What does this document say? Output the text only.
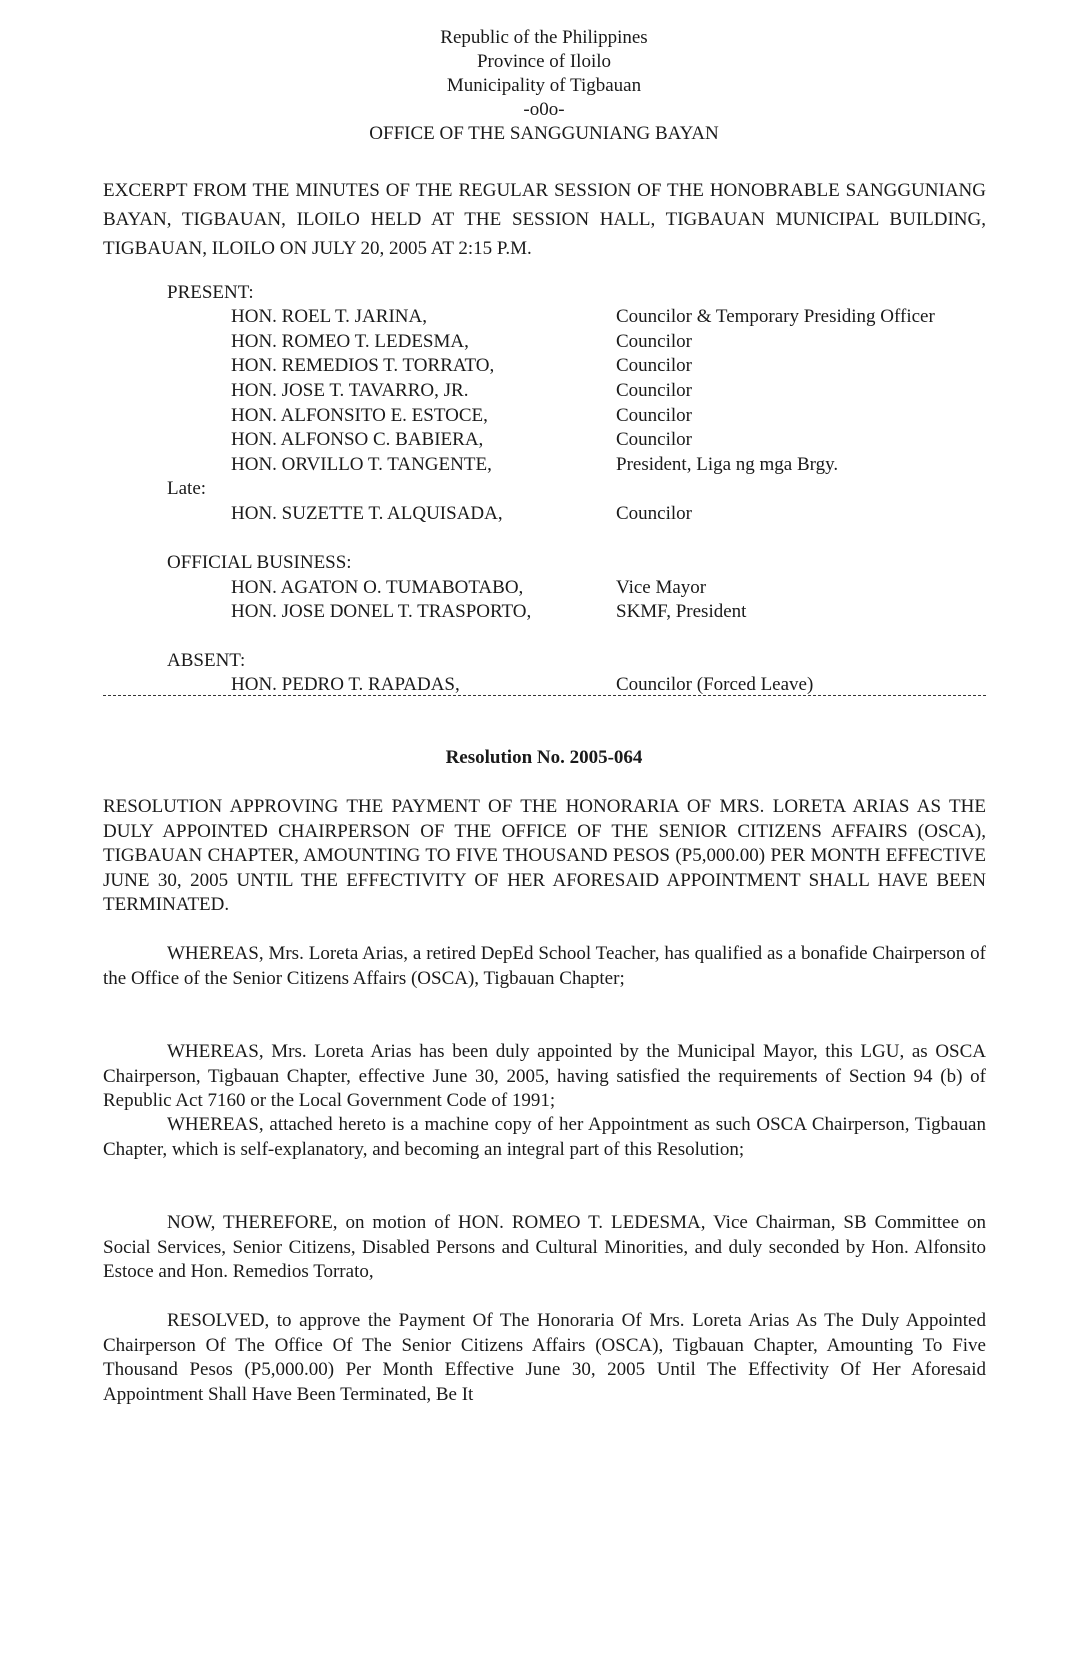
Republic of the Philippines
Province of Iloilo
Municipality of Tigbauan
-o0o-
OFFICE OF THE SANGGUNIANG BAYAN
EXCERPT FROM THE MINUTES OF THE REGULAR SESSION OF THE HONOBRABLE SANGGUNIANG BAYAN, TIGBAUAN, ILOILO HELD AT THE SESSION HALL, TIGBAUAN MUNICIPAL BUILDING, TIGBAUAN, ILOILO ON JULY 20, 2005 AT 2:15 P.M.
PRESENT:
HON. ROEL T. JARINA,	Councilor & Temporary Presiding Officer
HON. ROMEO T. LEDESMA,	Councilor
HON. REMEDIOS T. TORRATO,	Councilor
HON. JOSE T. TAVARRO, JR.	Councilor
HON. ALFONSITO E. ESTOCE,	Councilor
HON. ALFONSO C. BABIERA,	Councilor
HON. ORVILLO T. TANGENTE,	President, Liga ng mga Brgy.
Late:
HON. SUZETTE T. ALQUISADA,	Councilor
OFFICIAL BUSINESS:
HON. AGATON O. TUMABOTABO,	Vice Mayor
HON. JOSE DONEL T. TRASPORTO,	SKMF, President
ABSENT:
HON. PEDRO T. RAPADAS,	Councilor (Forced Leave)
Resolution No. 2005-064
RESOLUTION APPROVING THE PAYMENT OF THE HONORARIA OF MRS. LORETA ARIAS AS THE DULY APPOINTED CHAIRPERSON OF THE OFFICE OF THE SENIOR CITIZENS AFFAIRS (OSCA), TIGBAUAN CHAPTER, AMOUNTING TO FIVE THOUSAND PESOS (P5,000.00) PER MONTH EFFECTIVE JUNE 30, 2005 UNTIL THE EFFECTIVITY OF HER AFORESAID APPOINTMENT SHALL HAVE BEEN TERMINATED.
WHEREAS, Mrs. Loreta Arias, a retired DepEd School Teacher, has qualified as a bonafide Chairperson of the Office of the Senior Citizens Affairs (OSCA), Tigbauan Chapter;
WHEREAS, Mrs. Loreta Arias has been duly appointed by the Municipal Mayor, this LGU, as OSCA Chairperson, Tigbauan Chapter, effective June 30, 2005, having satisfied the requirements of Section 94 (b) of Republic Act 7160 or the Local Government Code of 1991;
WHEREAS, attached hereto is a machine copy of her Appointment as such OSCA Chairperson, Tigbauan Chapter, which is self-explanatory, and becoming an integral part of this Resolution;
NOW, THEREFORE, on motion of HON. ROMEO T. LEDESMA, Vice Chairman, SB Committee on Social Services, Senior Citizens, Disabled Persons and Cultural Minorities, and duly seconded by Hon. Alfonsito Estoce and Hon. Remedios Torrato,
RESOLVED, to approve the Payment Of The Honoraria Of Mrs. Loreta Arias As The Duly Appointed Chairperson Of The Office Of The Senior Citizens Affairs (OSCA), Tigbauan Chapter, Amounting To Five Thousand Pesos (P5,000.00) Per Month Effective June 30, 2005 Until The Effectivity Of Her Aforesaid Appointment Shall Have Been Terminated, Be It
